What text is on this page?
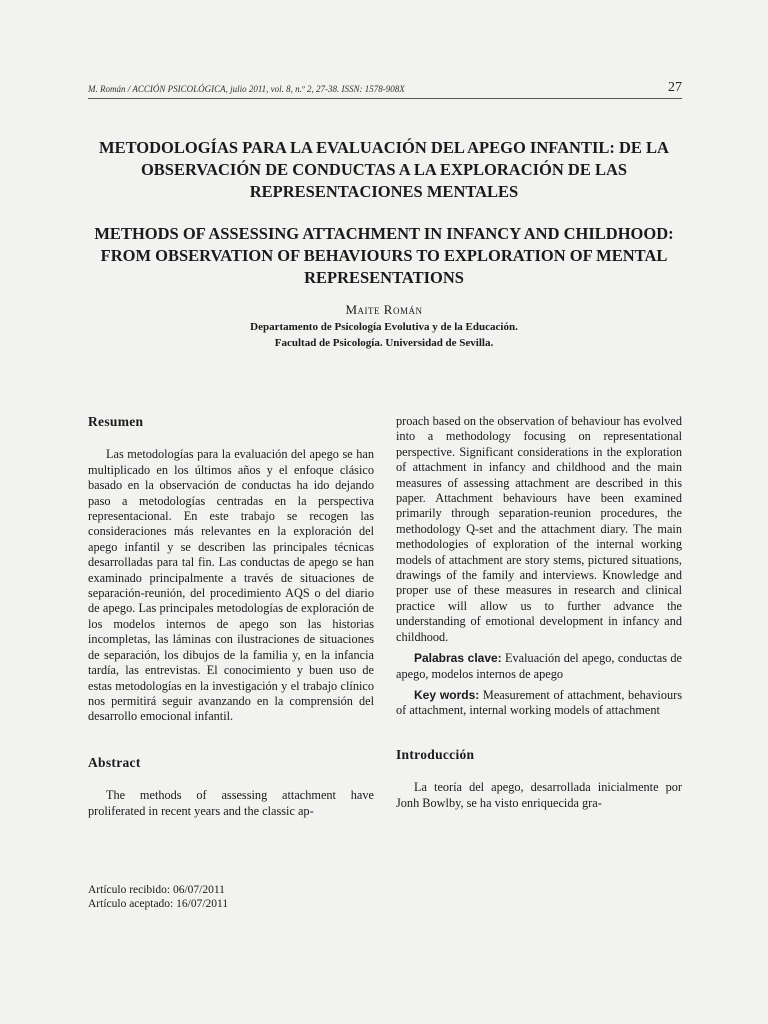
M. Román / ACCIÓN PSICOLÓGICA, julio 2011, vol. 8, n.º 2, 27-38. ISSN: 1578-908X	27

METODOLOGÍAS PARA LA EVALUACIÓN DEL APEGO INFANTIL: DE LA OBSERVACIÓN DE CONDUCTAS A LA EXPLORACIÓN DE LAS REPRESENTACIONES MENTALES

METHODS OF ASSESSING ATTACHMENT IN INFANCY AND CHILDHOOD: FROM OBSERVATION OF BEHAVIOURS TO EXPLORATION OF MENTAL REPRESENTATIONS

Maite Román
Departamento de Psicología Evolutiva y de la Educación.
Facultad de Psicología. Universidad de Sevilla.
Resumen

Las metodologías para la evaluación del apego se han multiplicado en los últimos años y el enfoque clásico basado en la observación de conductas ha ido dejando paso a metodologías centradas en la perspectiva representacional. En este trabajo se recogen las consideraciones más relevantes en la exploración del apego infantil y se describen las principales técnicas desarrolladas para tal fin. Las conductas de apego se han examinado principalmente a través de situaciones de separación-reunión, del procedimiento AQS o del diario de apego. Las principales metodologías de exploración de los modelos internos de apego son las historias incompletas, las láminas con ilustraciones de situaciones de separación, los dibujos de la familia y, en la infancia tardía, las entrevistas. El conocimiento y buen uso de estas metodologías en la investigación y el trabajo clínico nos permitirá seguir avanzando en la comprensión del desarrollo emocional infantil.

Abstract

The methods of assessing attachment have proliferated in recent years and the classic ap-

proach based on the observation of behaviour has evolved into a methodology focusing on representational perspective. Significant considerations in the exploration of attachment in infancy and childhood and the main measures of assessing attachment are described in this paper. Attachment behaviours have been examined primarily through separation-reunion procedures, the methodology Q-set and the attachment diary. The main methodologies of exploration of the internal working models of attachment are story stems, pictured situations, drawings of the family and interviews. Knowledge and proper use of these measures in research and clinical practice will allow us to further advance the understanding of emotional development in infancy and childhood.

Palabras clave: Evaluación del apego, conductas de apego, modelos internos de apego

Key words: Measurement of attachment, behaviours of attachment, internal working models of attachment

Introducción

La teoría del apego, desarrollada inicialmente por Jonh Bowlby, se ha visto enriquecida gra-

Artículo recibido: 06/07/2011
Artículo aceptado: 16/07/2011
